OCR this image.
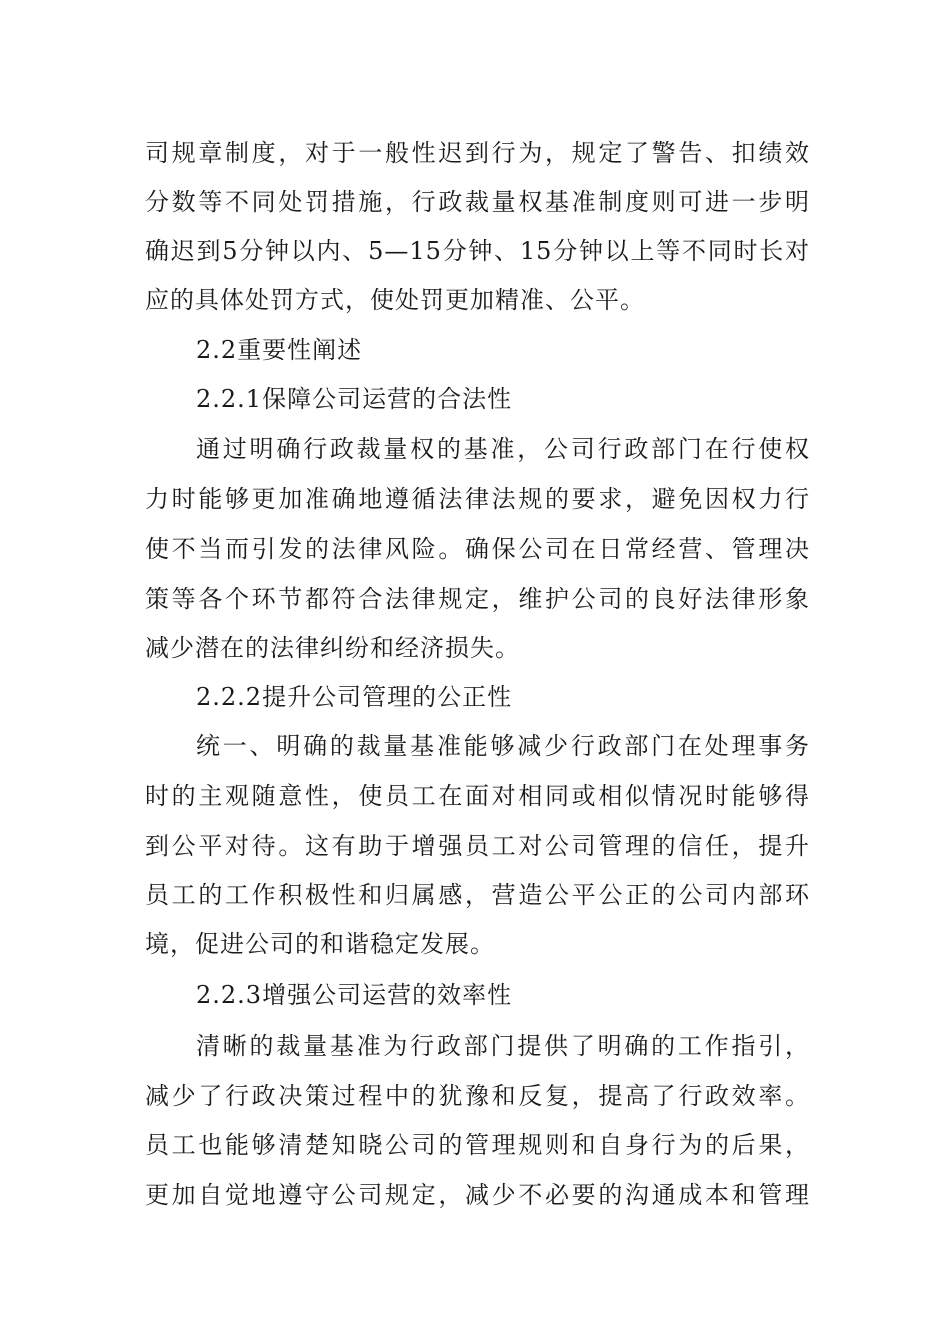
司规章制度，对于一般性迟到行为，规定了警告、扣绩效
分数等不同处罚措施，行政裁量权基准制度则可进一步明
确迟到5分钟以内、5—15分钟、15分钟以上等不同时长对
应的具体处罚方式，使处罚更加精准、公平。
2.2重要性阐述
2.2.1保障公司运营的合法性
通过明确行政裁量权的基准，公司行政部门在行使权
力时能够更加准确地遵循法律法规的要求，避免因权力行
使不当而引发的法律风险。确保公司在日常经营、管理决
策等各个环节都符合法律规定，维护公司的良好法律形象
减少潜在的法律纠纷和经济损失。
2.2.2提升公司管理的公正性
统一、明确的裁量基准能够减少行政部门在处理事务
时的主观随意性，使员工在面对相同或相似情况时能够得
到公平对待。这有助于增强员工对公司管理的信任，提升
员工的工作积极性和归属感，营造公平公正的公司内部环
境，促进公司的和谐稳定发展。
2.2.3增强公司运营的效率性
清晰的裁量基准为行政部门提供了明确的工作指引，
减少了行政决策过程中的犹豫和反复，提高了行政效率。
员工也能够清楚知晓公司的管理规则和自身行为的后果，
更加自觉地遵守公司规定，减少不必要的沟通成本和管理
